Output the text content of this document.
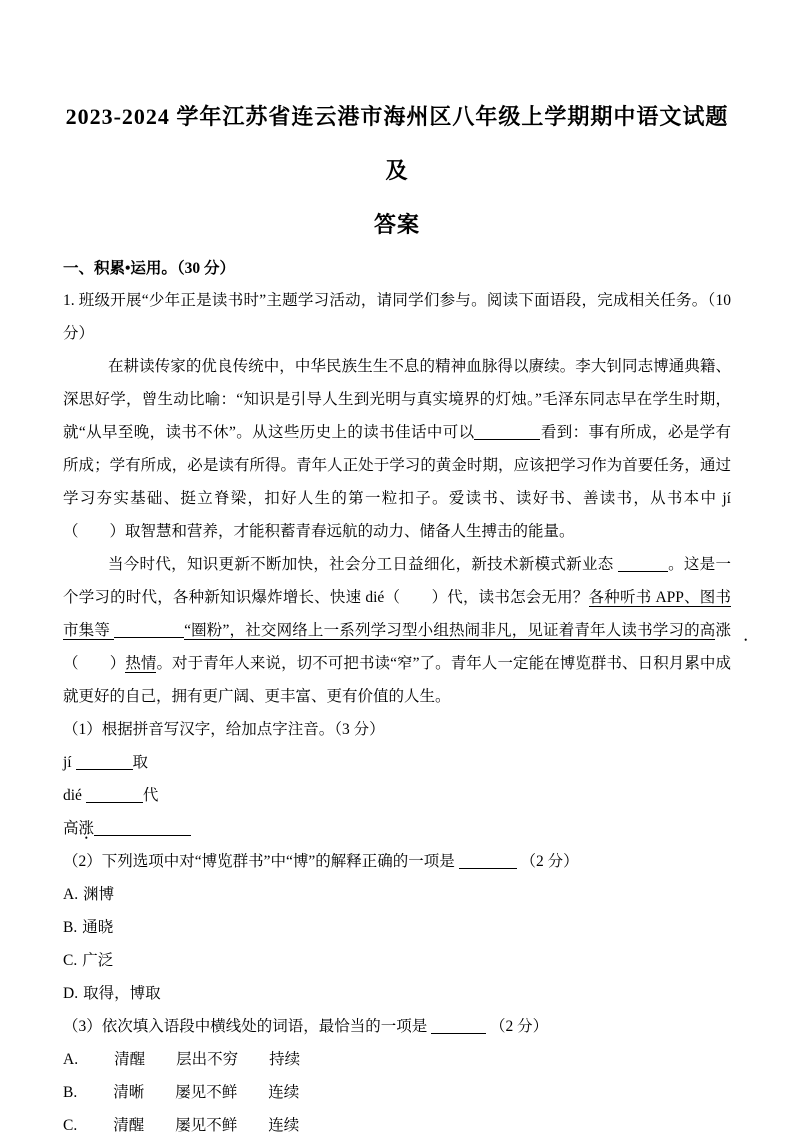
2023-2024 学年江苏省连云港市海州区八年级上学期期中语文试题及
答案
一、积累•运用。（30 分）

1. 班级开展“少年正是读书时”主题学习活动，请同学们参与。阅读下面语段，完成相关任务。（10 分）

在耕读传家的优良传统中，中华民族生生不息的精神血脉得以赓续。李大钊同志博通典籍、深思好学，曾生动比喻：“知识是引导人生到光明与真实境界的灯烛。”毛泽东同志早在学生时期，就“从早至晚，读书不休”。从这些历史上的读书佳话中可以	看到：事有所成，必是学有所成；学有所成，必是读有所得。青年人正处于学习的黄金时期，应该把学习作为首要任务，通过学习夯实基础、挺立脊梁，扣好人生的第一粒扣子。爱读书、读好书、善读书，从书本中 jí（　　）取智慧和营养，才能积蓄青春远航的动力、储备人生搏击的能量。

当今时代，知识更新不断加快，社会分工日益细化，新技术新模式新业态	。这是一个学习的时代，各种新知识爆炸增长、快速 dié（　　）代，读书怎会无用？各种听书 APP、图书市集等	“圈粉”，社交网络上一系列学习型小组热闹非凡，见证着青年人读书学习的高涨（　　）热情。对于青年人来说，切不可把书读“窄”了。青年人一定能在博览群书、日积月累中成就更好的自己，拥有更广阔、更丰富、更有价值的人生。

（1）根据拼音写汉字，给加点字注音。（3 分）

jí	取

dié	代

高涨

（2）下列选项中对“博览群书”中“博”的解释正确的一项是	（2 分）

A. 渊博

B. 通晓

C. 广泛

D. 取得，博取

（3）依次填入语段中横线处的词语，最恰当的一项是	（2 分）

A. 清醒 层出不穷 持续

B. 清晰 屡见不鲜 连续

C. 清醒 屡见不鲜 连续
